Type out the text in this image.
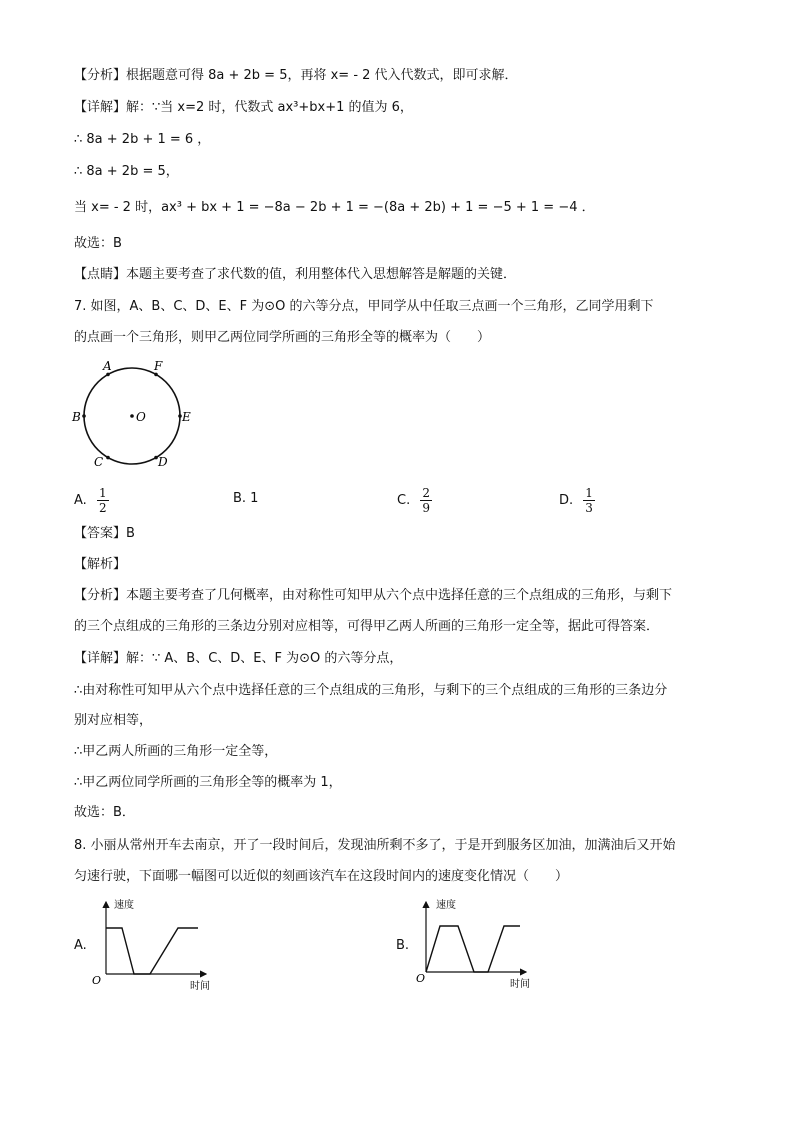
【分析】根据题意可得 8a + 2b = 5，再将 x= - 2 代入代数式，即可求解．
【详解】解：∵当 x=2 时，代数式 ax³+bx+1 的值为 6，
∴ 8a + 2b + 1 = 6 ，
∴ 8a + 2b = 5，
当 x= - 2 时，ax³ + bx + 1 = −8a − 2b + 1 = −(8a + 2b) + 1 = −5 + 1 = −4 ．
故选：B
【点睛】本题主要考查了求代数的值，利用整体代入思想解答是解题的关键．
7. 如图，A、B、C、D、E、F 为⊙O 的六等分点，甲同学从中任取三点画一个三角形，乙同学用剩下
的点画一个三角形，则甲乙两位同学所画的三角形全等的概率为（　　）
A	F
B	O	E
C	D
A. $\frac{1}{2}$	B. 1	C. $\frac{2}{9}$	D. $\frac{1}{3}$
【答案】B
【解析】
【分析】本题主要考查了几何概率，由对称性可知甲从六个点中选择任意的三个点组成的三角形，与剩下
的三个点组成的三角形的三条边分别对应相等，可得甲乙两人所画的三角形一定全等，据此可得答案．
【详解】解：∵ A、B、C、D、E、F 为⊙O 的六等分点，
∴由对称性可知甲从六个点中选择任意的三个点组成的三角形，与剩下的三个点组成的三角形的三条边分
别对应相等，
∴甲乙两人所画的三角形一定全等，
∴甲乙两位同学所画的三角形全等的概率为 1，
故选：B．
8. 小丽从常州开车去南京，开了一段时间后，发现油所剩不多了，于是开到服务区加油，加满油后又开始
匀速行驶，下面哪一幅图可以近似的刻画该汽车在这段时间内的速度变化情况（　　）
A.
速度
时间
O
B.
速度
时间
O
